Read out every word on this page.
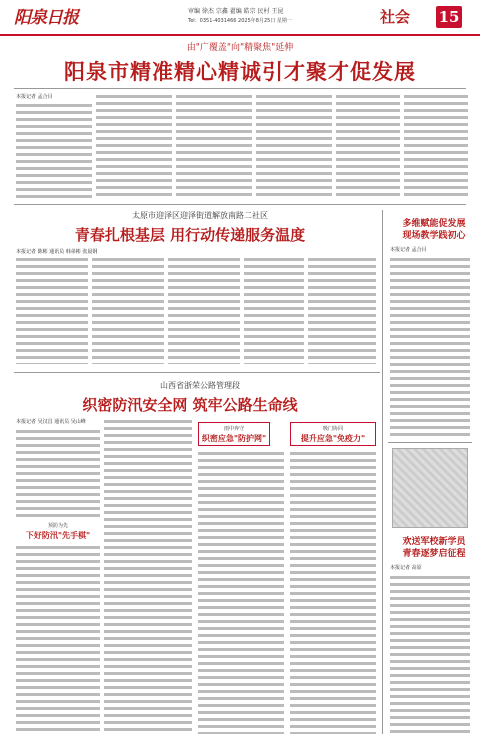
阳泉日报	审编 徐杰 宗鑫 翟编 皓宗 民村 王昆
Tel：0351-4031466 2025年8月25日 星期一	社会 15
由"广覆盖"向"精聚焦"延伸
阳泉市精准精心精诚引才聚才促发展
本报记者 孟合目
太原市迎泽区迎泽街道解放南路二社区
青春扎根基层 用行动传递服务温度
本报记者 陈彬 通讯员 韩弟彬 张晨钢
山西省浙荣公路管理段
织密防汛安全网 筑牢公路生命线
本报记者 吴汉昌 通讯员 吴山峰
预防为先
下好防汛"先手棋"
雨中奔守
织密应急"防护网"
吸门协同
提升应急"免疫力"
多维赋能促发展
现场教学践初心
本报记者 孟合目
欢送军校新学员
青春逐梦启征程
本报记者 高原
